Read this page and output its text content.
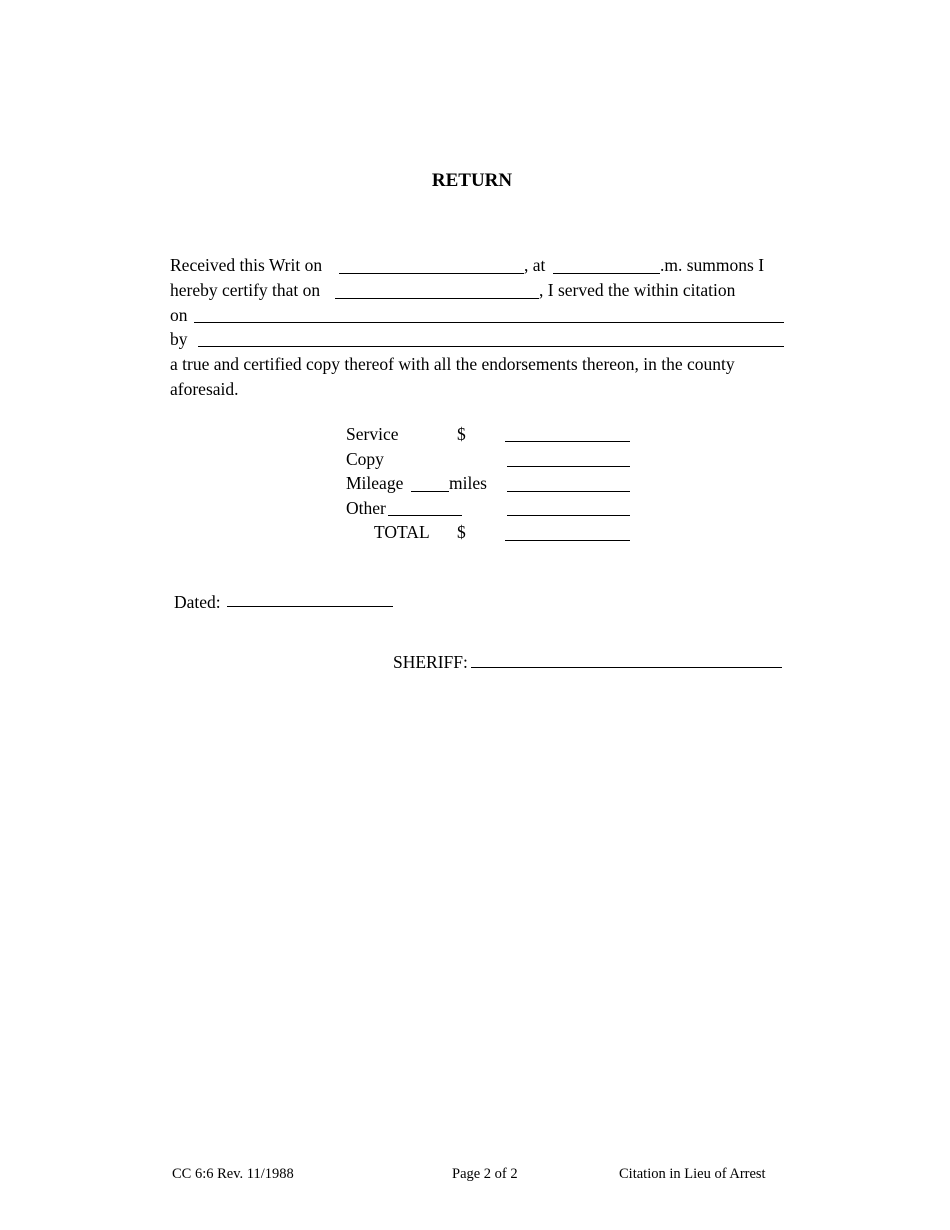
RETURN
Received this Writ on	, at	.m. summons I
hereby certify that on	, I served the within citation
on
by
a true and certified copy thereof with all the endorsements thereon, in the county
aforesaid.
Service	$
Copy
Mileage	miles
Other
TOTAL $
Dated:
SHERIFF:
CC 6:6 Rev. 11/1988	Page 2 of 2	Citation in Lieu of Arrest
